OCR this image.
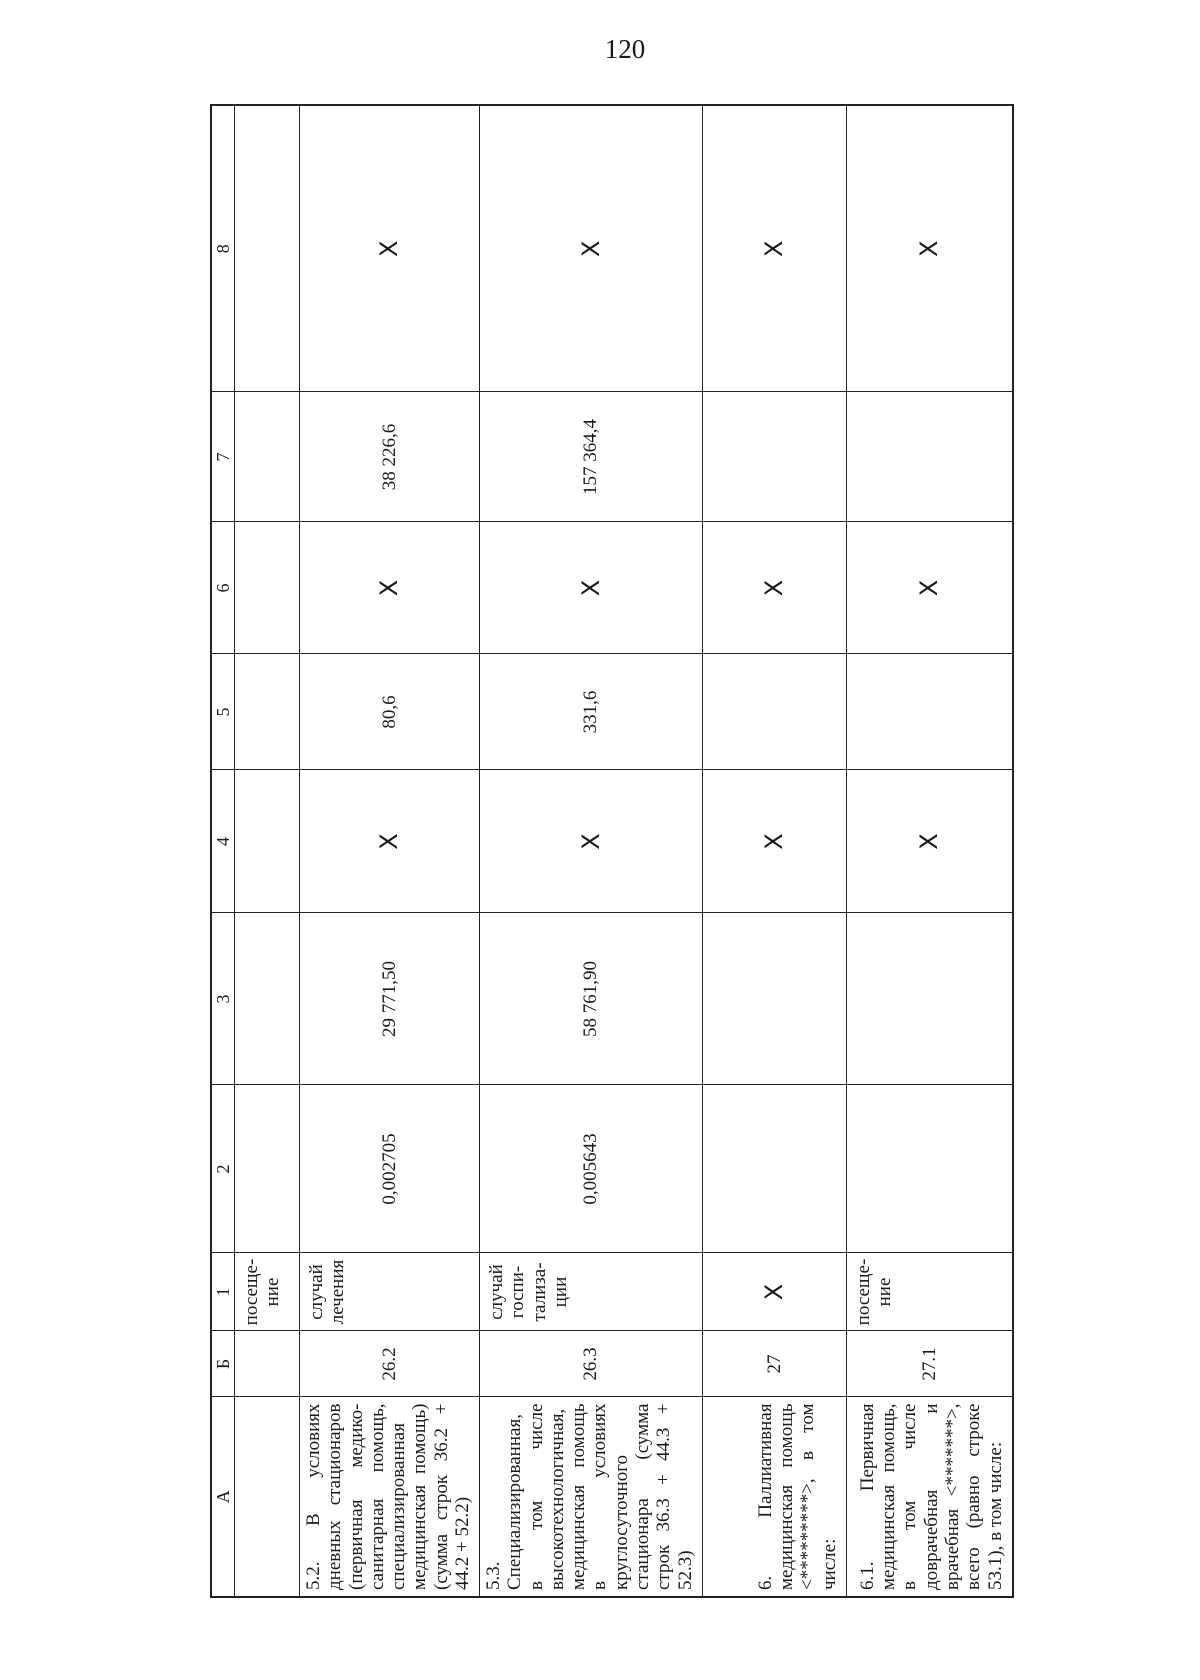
120
А	Б	1	2	3	4	5	6	7	8
		посеще-
ние							
5.2. В условиях дневных стационаров (первичная медико-санитарная помощь, специализированная медицинская помощь) (сумма строк 36.2 + 44.2 + 52.2)	26.2	случай
лечения	0,002705	29 771,50	X	80,6	X	38 226,6	X
5.3. Специализированная, в том числе высокотехнологичная, медицинская помощь в условиях круглосуточного стационара (сумма строк 36.3 + 44.3 + 52.3)	26.3	случай
госпи-
тализа-
ции	0,005643	58 761,90	X	331,6	X	157 364,4	X
6. Паллиативная медицинская помощь <*********>, в том числе:	27	X			X		X		X
6.1. Первичная медицинская помощь, в том числе доврачебная и врачебная <*******>, всего (равно строке 53.1), в том числе:	27.1	посеще-
ние			X		X		X
